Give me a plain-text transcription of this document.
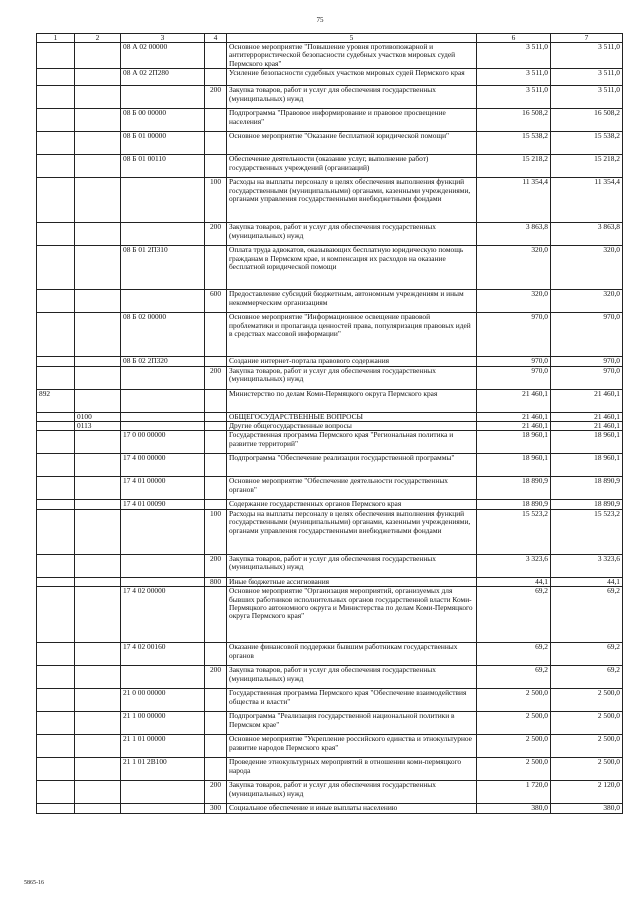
75
1	2	3	4	5	6	7
		08 А 02 00000		Основное мероприятие "Повышение уровня противопожарной и антитеррористической безопасности судебных участков мировых судей Пермского края"	3 511,0	3 511,0
		08 А 02 2П280		Усиление безопасности судебных участков мировых судей Пермского края	3 511,0	3 511,0
			200	Закупка товаров, работ и услуг для обеспечения государственных (муниципальных) нужд	3 511,0	3 511,0
		08 Б 00 00000		Подпрограмма "Правовое информирование и правовое просвещение населения"	16 508,2	16 508,2
		08 Б 01 00000		Основное мероприятие "Оказание бесплатной юридической помощи"	15 538,2	15 538,2
		08 Б 01 00110		Обеспечение деятельности (оказание услуг, выполнение работ) государственных учреждений (организаций)	15 218,2	15 218,2
			100	Расходы на выплаты персоналу в целях обеспечения выполнения функций государственными (муниципальными) органами, казенными учреждениями, органами управления государственными внебюджетными фондами	11 354,4	11 354,4
			200	Закупка товаров, работ и услуг для обеспечения государственных (муниципальных) нужд	3 863,8	3 863,8
		08 Б 01 2П310		Оплата труда адвокатов, оказывающих бесплатную юридическую помощь гражданам в Пермском крае, и компенсация их расходов на оказание бесплатной юридической помощи	320,0	320,0
			600	Предоставление субсидий бюджетным, автономным учреждениям и иным некоммерческим организациям	320,0	320,0
		08 Б 02 00000		Основное мероприятие "Информационное освещение правовой проблематики и пропаганда ценностей права, популяризация правовых идей в средствах массовой информации"	970,0	970,0
		08 Б 02 2П320		Создание интернет-портала правового содержания	970,0	970,0
			200	Закупка товаров, работ и услуг для обеспечения государственных (муниципальных) нужд	970,0	970,0
892				Министерство по делам Коми-Пермяцкого округа Пермского края	21 460,1	21 460,1
	0100			ОБЩЕГОСУДАРСТВЕННЫЕ ВОПРОСЫ	21 460,1	21 460,1
	0113			Другие общегосударственные вопросы	21 460,1	21 460,1
		17 0 00 00000		Государственная программа Пермского края "Региональная политика и развитие территорий"	18 960,1	18 960,1
		17 4 00 00000		Подпрограмма "Обеспечение реализации государственной программы"	18 960,1	18 960,1
		17 4 01 00000		Основное мероприятие "Обеспечение деятельности государственных органов"	18 890,9	18 890,9
		17 4 01 00090		Содержание государственных органов Пермского края	18 890,9	18 890,9
			100	Расходы на выплаты персоналу в целях обеспечения выполнения функций государственными (муниципальными) органами, казенными учреждениями, органами управления государственными внебюджетными фондами	15 523,2	15 523,2
			200	Закупка товаров, работ и услуг для обеспечения государственных (муниципальных) нужд	3 323,6	3 323,6
			800	Иные бюджетные ассигнования	44,1	44,1
		17 4 02 00000		Основное мероприятие "Организация мероприятий, организуемых для бывших работников исполнительных органов государственной власти Коми-Пермяцкого автономного округа и Министерства по делам Коми-Пермяцкого округа Пермского края"	69,2	69,2
		17 4 02 00160		Оказание финансовой поддержки бывшим работникам государственных органов	69,2	69,2
			200	Закупка товаров, работ и услуг для обеспечения государственных (муниципальных) нужд	69,2	69,2
		21 0 00 00000		Государственная программа Пермского края "Обеспечение взаимодействия общества и власти"	2 500,0	2 500,0
		21 1 00 00000		Подпрограмма "Реализация государственной национальной политики в Пермском крае"	2 500,0	2 500,0
		21 1 01 00000		Основное мероприятие "Укрепление российского единства и этнокультурное развитие народов Пермского края"	2 500,0	2 500,0
		21 1 01 2В100		Проведение этнокультурных мероприятий в отношении коми-пермяцкого народа	2 500,0	2 500,0
			200	Закупка товаров, работ и услуг для обеспечения государственных (муниципальных) нужд	1 720,0	2 120,0
			300	Социальное обеспечение и иные выплаты населению	380,0	380,0
5865-16
